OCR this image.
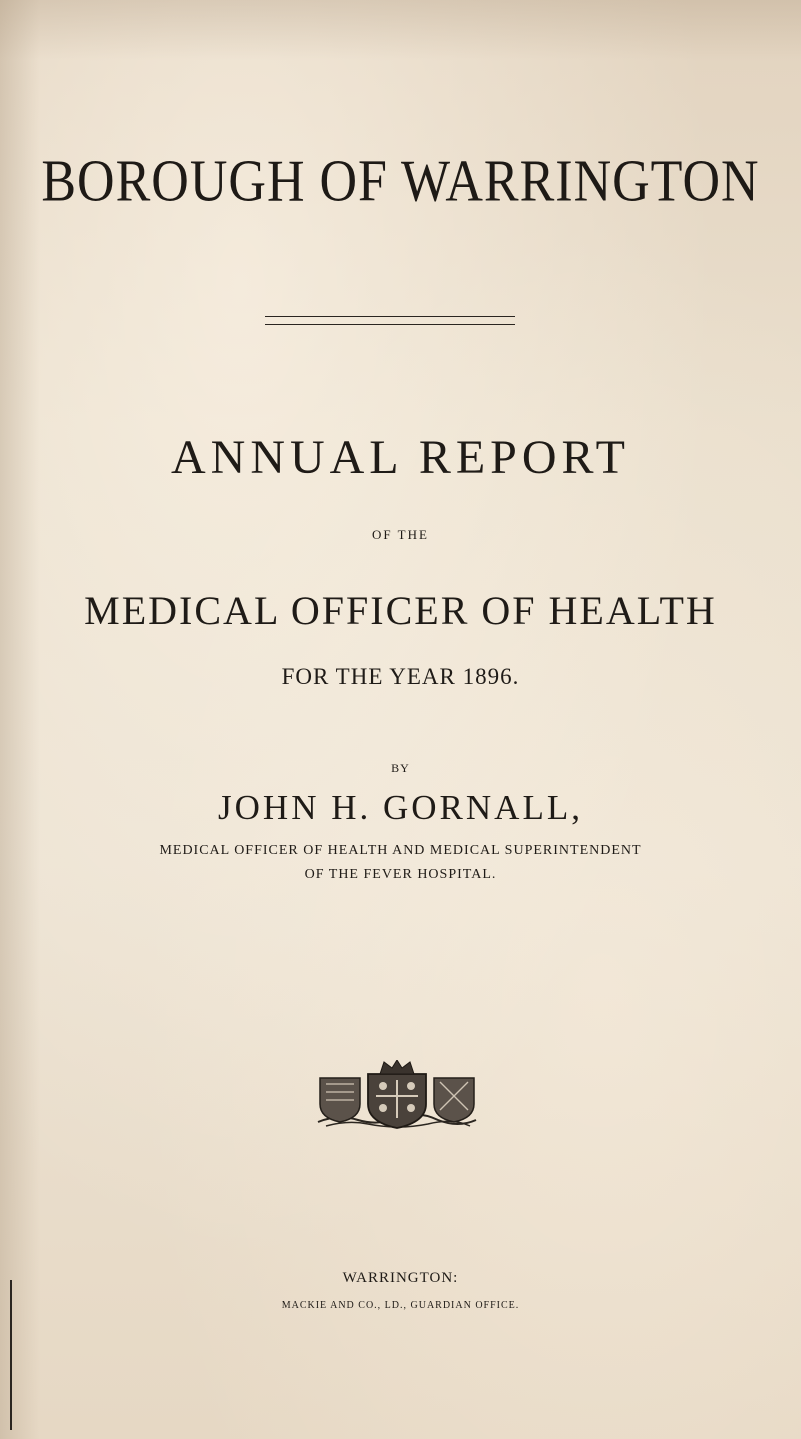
BOROUGH OF WARRINGTON
ANNUAL REPORT
OF THE
MEDICAL OFFICER OF HEALTH
FOR THE YEAR 1896.
BY
JOHN H. GORNALL,
MEDICAL OFFICER OF HEALTH AND MEDICAL SUPERINTENDENT
OF THE FEVER HOSPITAL.
WARRINGTON:
MACKIE AND CO., LD., GUARDIAN OFFICE.
